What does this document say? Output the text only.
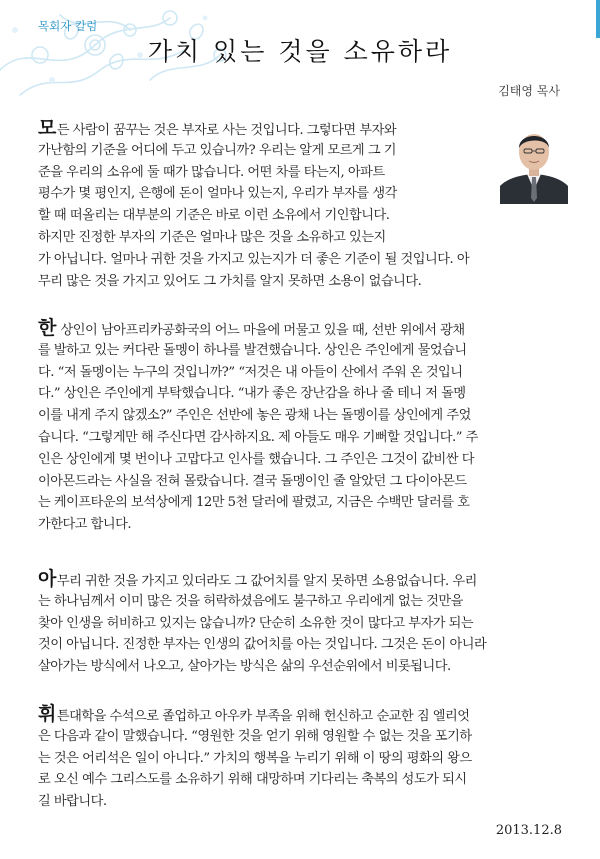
목회자 칼럼
가치 있는 것을 소유하라
김태영 목사
모든 사람이 꿈꾸는 것은 부자로 사는 것입니다. 그렇다면 부자와
가난함의 기준을 어디에 두고 있습니까? 우리는 알게 모르게 그 기
준을 우리의 소유에 둘 때가 많습니다. 어떤 차를 타는지, 아파트
평수가 몇 평인지, 은행에 돈이 얼마나 있는지, 우리가 부자를 생각
할 때 떠올리는 대부분의 기준은 바로 이런 소유에서 기인합니다.
하지만 진정한 부자의 기준은 얼마나 많은 것을 소유하고 있는지
가 아닙니다. 얼마나 귀한 것을 가지고 있는지가 더 좋은 기준이 될 것입니다. 아
무리 많은 것을 가지고 있어도 그 가치를 알지 못하면 소용이 없습니다.
한 상인이 남아프리카공화국의 어느 마을에 머물고 있을 때, 선반 위에서 광채
를 발하고 있는 커다란 돌멩이 하나를 발견했습니다. 상인은 주인에게 물었습니
다. “저 돌멩이는 누구의 것입니까?” “저것은 내 아들이 산에서 주워 온 것입니
다.” 상인은 주인에게 부탁했습니다. “내가 좋은 장난감을 하나 줄 테니 저 돌멩
이를 내게 주지 않겠소?” 주인은 선반에 놓은 광채 나는 돌멩이를 상인에게 주었
습니다. “그렇게만 해 주신다면 감사하지요. 제 아들도 매우 기뻐할 것입니다.” 주
인은 상인에게 몇 번이나 고맙다고 인사를 했습니다. 그 주인은 그것이 값비싼 다
이아몬드라는 사실을 전혀 몰랐습니다. 결국 돌멩이인 줄 알았던 그 다이아몬드
는 케이프타운의 보석상에게 12만 5천 달러에 팔렸고, 지금은 수백만 달러를 호
가한다고 합니다.
아무리 귀한 것을 가지고 있더라도 그 값어치를 알지 못하면 소용없습니다. 우리
는 하나님께서 이미 많은 것을 허락하셨음에도 불구하고 우리에게 없는 것만을
찾아 인생을 허비하고 있지는 않습니까? 단순히 소유한 것이 많다고 부자가 되는
것이 아닙니다. 진정한 부자는 인생의 값어치를 아는 것입니다. 그것은 돈이 아니라
살아가는 방식에서 나오고, 살아가는 방식은 삶의 우선순위에서 비롯됩니다.
휘튼대학을 수석으로 졸업하고 아우카 부족을 위해 헌신하고 순교한 짐 엘리엇
은 다음과 같이 말했습니다. “영원한 것을 얻기 위해 영원할 수 없는 것을 포기하
는 것은 어리석은 일이 아니다.” 가치의 행복을 누리기 위해 이 땅의 평화의 왕으
로 오신 예수 그리스도를 소유하기 위해 대망하며 기다리는 축복의 성도가 되시
길 바랍니다.
2013.12.8
